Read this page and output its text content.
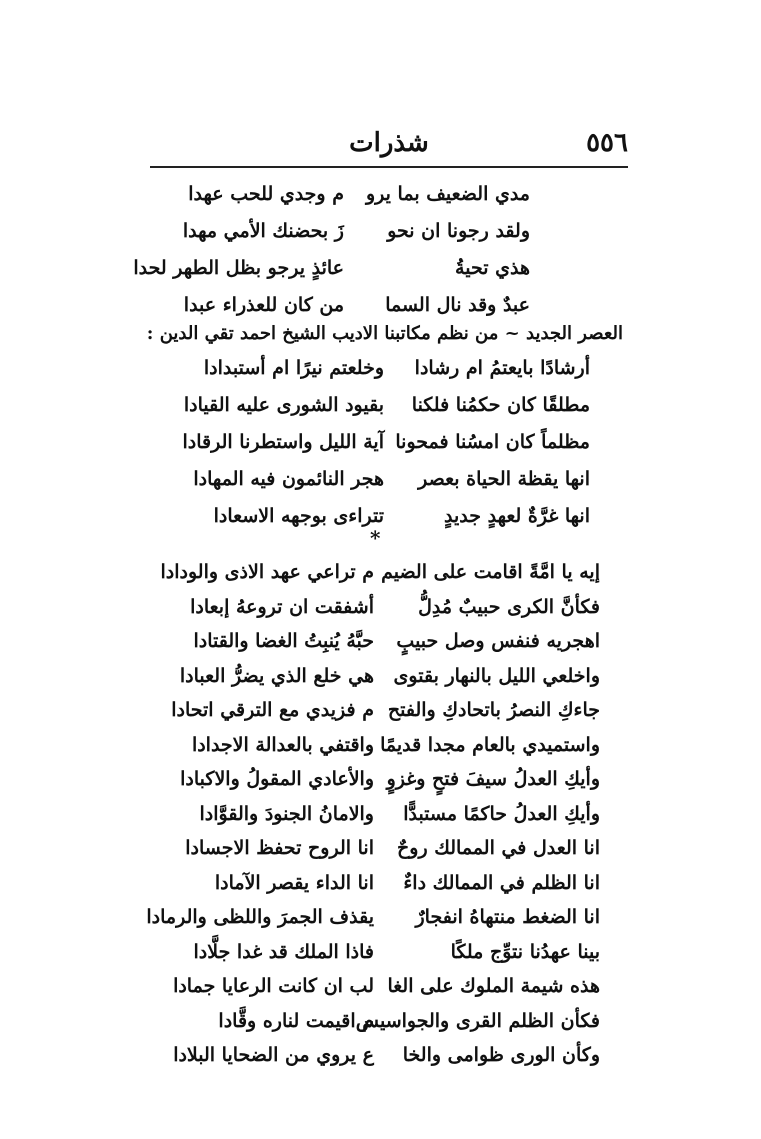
٥٥٦
شذرات
مدي الضعيف بما يرو
م وجدي للحب عهدا
ولقد رجونا ان نحو
زَ بحضنك الأمي مهدا
هذي تحيةُ
عائذٍ يرجو بظل الطهر لحدا
عبدٌ وقد نال السما
من كان للعذراء عبدا
العصر الجديد ~ من نظم مكاتبنا الاديب الشيخ احمد تقي الدين :
أرشادًا بايعتمُ ام رشادا
وخلعتم نيرًا ام أستبدادا
مطلقًا كان حكمُنا فلكنا
بقيود الشورى عليه القيادا
مظلماً كان امسُنا فمحونا
آية الليل واستطرنا الرقادا
انها يقظة الحياة بعصر
هجر النائمون فيه المهادا
انها غرَّةٌ لعهدٍ جديدٍ
تتراءى بوجهه الاسعادا
*
إيه يا امَّةً اقامت على الضيم
م تراعي عهد الاذى والودادا
فكأنَّ الكرى حبيبٌ مُدِلُّ
أشفقت ان تروعهُ إبعادا
اهجريه فنفس وصل حبيبٍ
حبَّهُ يُنبِتُ الغضا والقتادا
واخلعي الليل بالنهار بقتوى
هي خلع الذي يضرُّ العبادا
جاءكِ النصرُ باتحادكِ والفتح
م فزيدي مع الترقي اتحادا
واستميدي بالعام مجدا قديمًا
واقتفي بالعدالة الاجدادا
وأيكِ العدلُ سيفَ فتحٍ وغزوٍ
والأعادي المقولُ والاكبادا
وأيكِ العدلُ حاكمًا مستبدًّا
والامانُ الجنودَ والقوَّادا
انا العدل في الممالك روحٌ
انا الروح تحفظ الاجسادا
انا الظلم في الممالك داءٌ
انا الداء يقصر الآمادا
انا الضغط منتهاهُ انفجارٌ
يقذف الجمرَ واللظى والرمادا
بينا عهدُنا نتوِّج ملكًا
فاذا الملك قد غدا جلَّادا
هذه شيمة الملوك على الغا
لب ان كانت الرعايا جمادا
فكأن الظلم القرى والجواسيس
م اقيمت لناره وقَّادا
وكأن الورى ظوامى والخا
ع يروي من الضحايا البلادا
